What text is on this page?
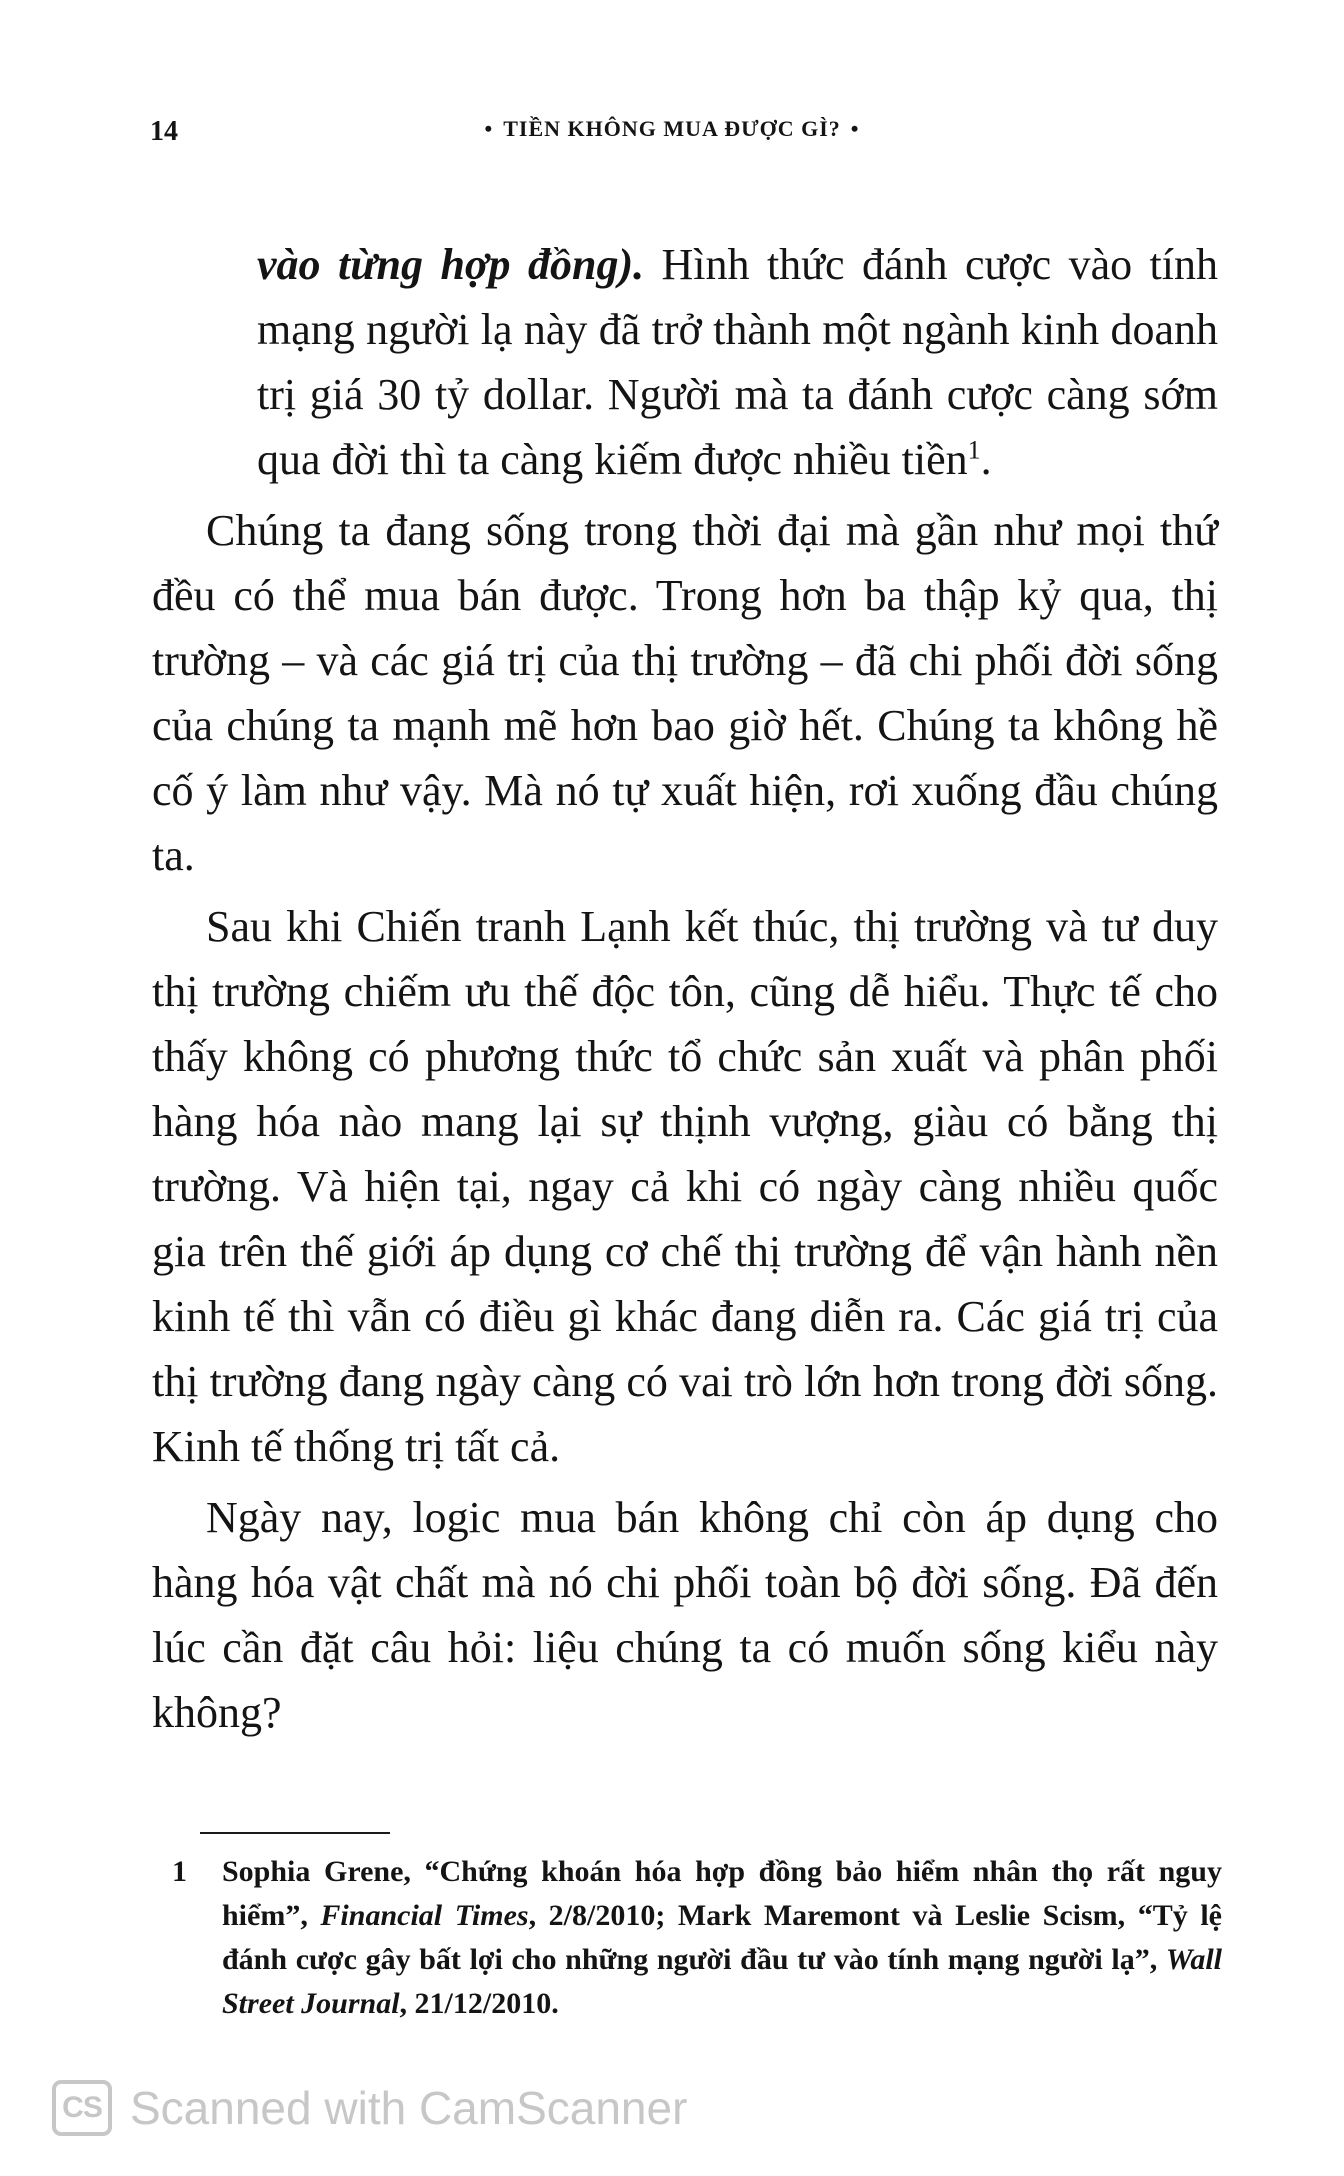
14	• TIỀN KHÔNG MUA ĐƯỢC GÌ? •

vào từng hợp đồng). Hình thức đánh cược vào tính mạng người lạ này đã trở thành một ngành kinh doanh trị giá 30 tỷ dollar. Người mà ta đánh cược càng sớm qua đời thì ta càng kiếm được nhiều tiền$^1$.

Chúng ta đang sống trong thời đại mà gần như mọi thứ đều có thể mua bán được. Trong hơn ba thập kỷ qua, thị trường – và các giá trị của thị trường – đã chi phối đời sống của chúng ta mạnh mẽ hơn bao giờ hết. Chúng ta không hề cố ý làm như vậy. Mà nó tự xuất hiện, rơi xuống đầu chúng ta.

Sau khi Chiến tranh Lạnh kết thúc, thị trường và tư duy thị trường chiếm ưu thế độc tôn, cũng dễ hiểu. Thực tế cho thấy không có phương thức tổ chức sản xuất và phân phối hàng hóa nào mang lại sự thịnh vượng, giàu có bằng thị trường. Và hiện tại, ngay cả khi có ngày càng nhiều quốc gia trên thế giới áp dụng cơ chế thị trường để vận hành nền kinh tế thì vẫn có điều gì khác đang diễn ra. Các giá trị của thị trường đang ngày càng có vai trò lớn hơn trong đời sống. Kinh tế thống trị tất cả.

Ngày nay, logic mua bán không chỉ còn áp dụng cho hàng hóa vật chất mà nó chi phối toàn bộ đời sống. Đã đến lúc cần đặt câu hỏi: liệu chúng ta có muốn sống kiểu này không?

1 Sophia Grene, “Chứng khoán hóa hợp đồng bảo hiểm nhân thọ rất nguy hiểm”, Financial Times, 2/8/2010; Mark Maremont và Leslie Scism, “Tỷ lệ đánh cược gây bất lợi cho những người đầu tư vào tính mạng người lạ”, Wall Street Journal, 21/12/2010.
CS Scanned with CamScanner
